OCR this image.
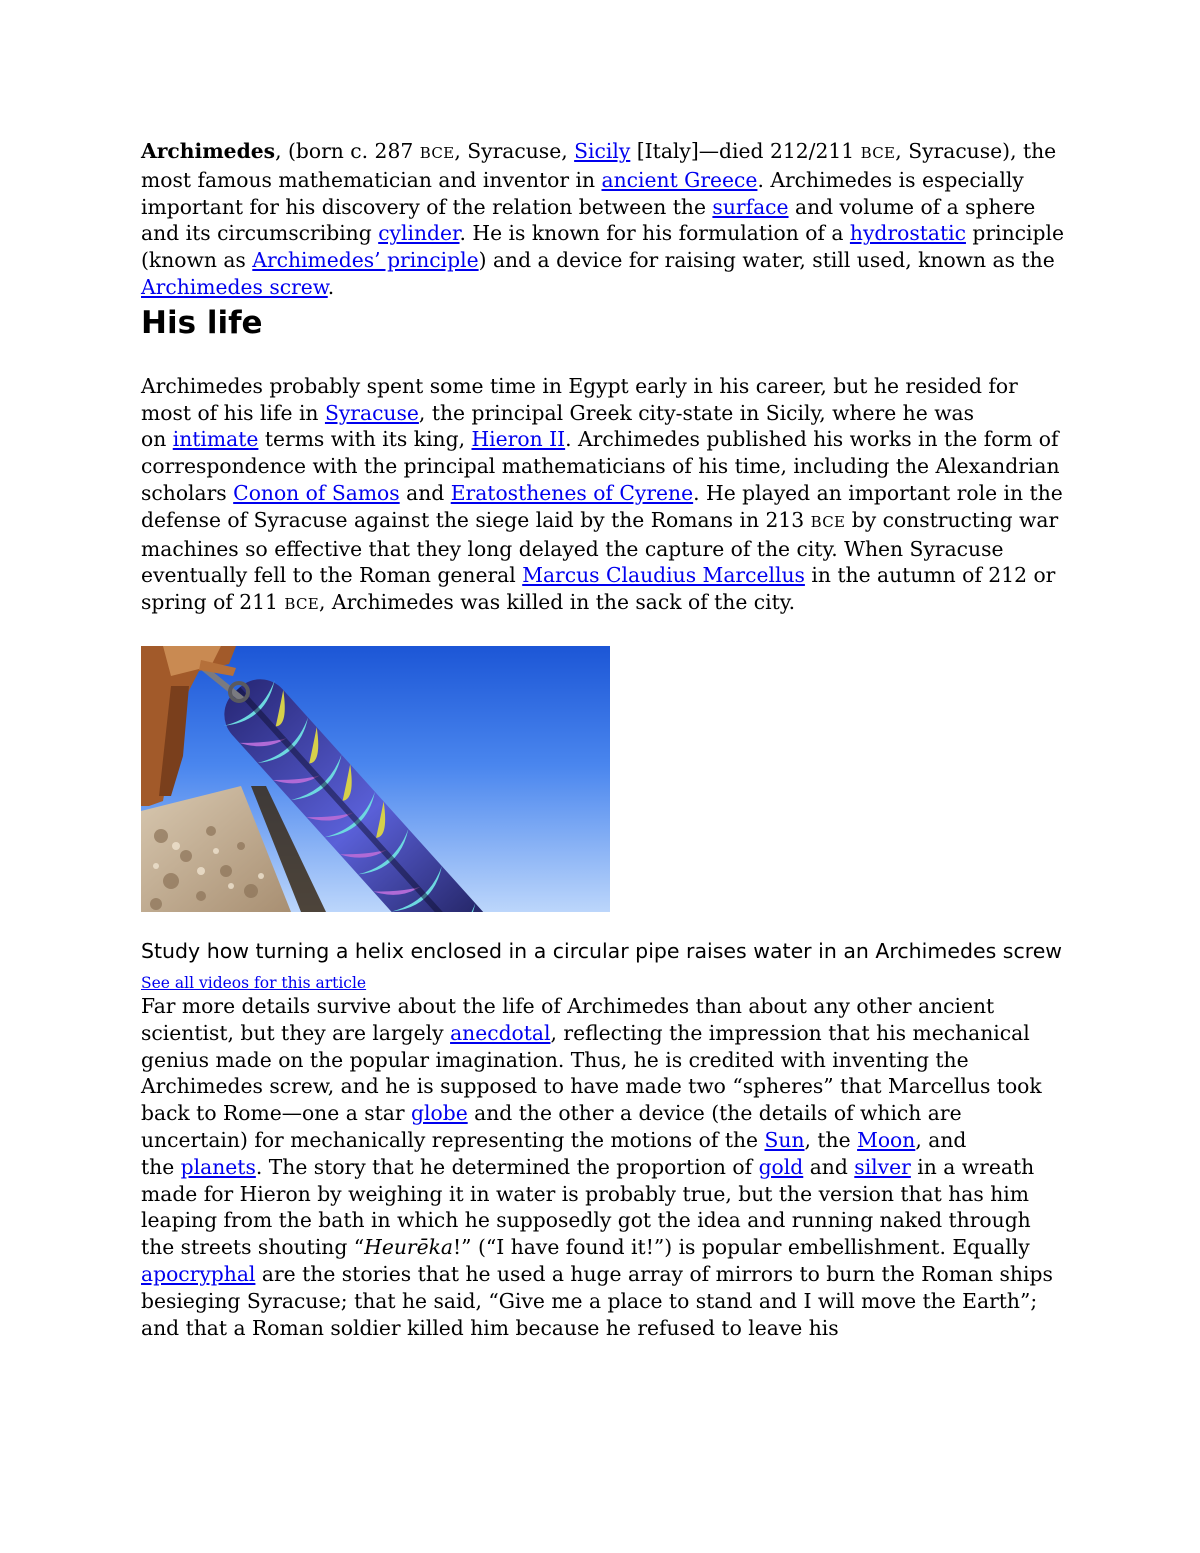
Archimedes, (born c. 287 BCE, Syracuse, Sicily [Italy]—died 212/211 BCE, Syracuse), the most famous mathematician and inventor in ancient Greece. Archimedes is especially important for his discovery of the relation between the surface and volume of a sphere and its circumscribing cylinder. He is known for his formulation of a hydrostatic principle (known as Archimedes’ principle) and a device for raising water, still used, known as the Archimedes screw.

His life

Archimedes probably spent some time in Egypt early in his career, but he resided for most of his life in Syracuse, the principal Greek city-state in Sicily, where he was on intimate terms with its king, Hieron II. Archimedes published his works in the form of correspondence with the principal mathematicians of his time, including the Alexandrian scholars Conon of Samos and Eratosthenes of Cyrene. He played an important role in the defense of Syracuse against the siege laid by the Romans in 213 BCE by constructing war machines so effective that they long delayed the capture of the city. When Syracuse eventually fell to the Roman general Marcus Claudius Marcellus in the autumn of 212 or spring of 211 BCE, Archimedes was killed in the sack of the city.

Study how turning a helix enclosed in a circular pipe raises water in an Archimedes screw

See all videos for this article

Far more details survive about the life of Archimedes than about any other ancient scientist, but they are largely anecdotal, reflecting the impression that his mechanical genius made on the popular imagination. Thus, he is credited with inventing the Archimedes screw, and he is supposed to have made two “spheres” that Marcellus took back to Rome—one a star globe and the other a device (the details of which are uncertain) for mechanically representing the motions of the Sun, the Moon, and the planets. The story that he determined the proportion of gold and silver in a wreath made for Hieron by weighing it in water is probably true, but the version that has him leaping from the bath in which he supposedly got the idea and running naked through the streets shouting “Heurēka!” (“I have found it!”) is popular embellishment. Equally apocryphal are the stories that he used a huge array of mirrors to burn the Roman ships besieging Syracuse; that he said, “Give me a place to stand and I will move the Earth”; and that a Roman soldier killed him because he refused to leave his
